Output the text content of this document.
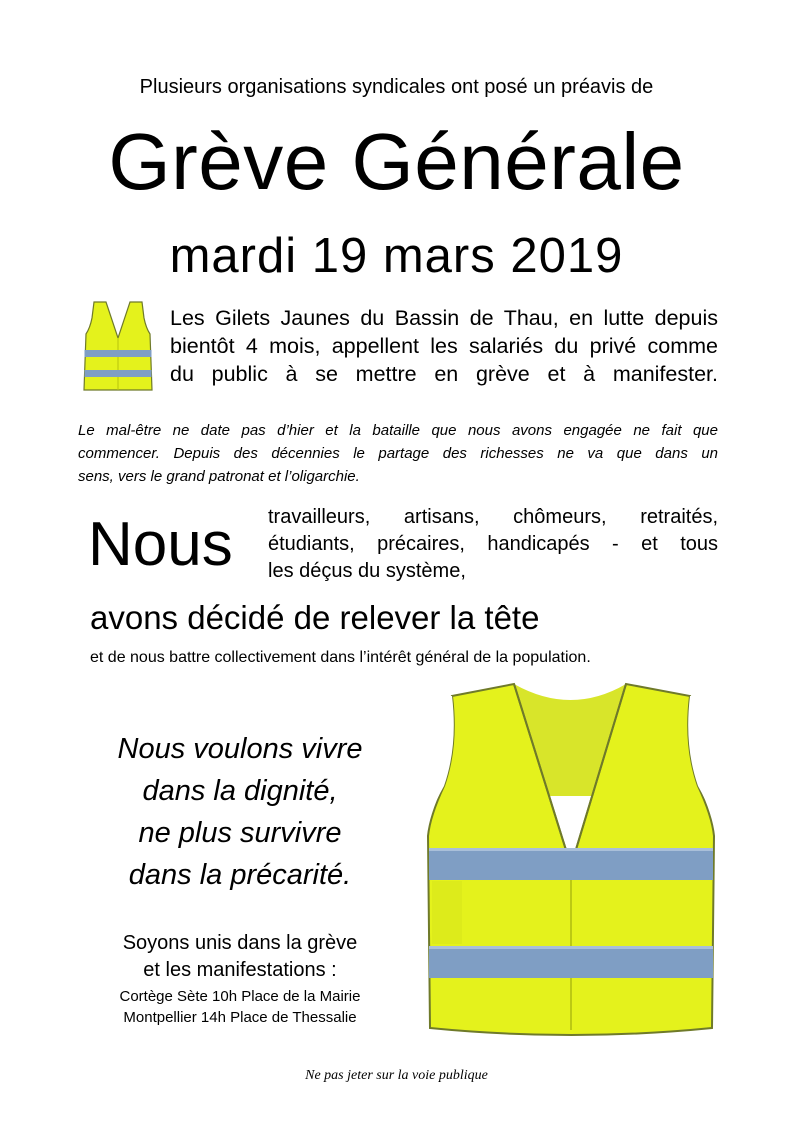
Plusieurs organisations syndicales ont posé un préavis de
Grève Générale
mardi 19 mars 2019
Les Gilets Jaunes du Bassin de Thau, en lutte depuis
bientôt 4 mois, appellent les salariés du privé comme
du public à se mettre en grève et à manifester.
Le mal-être ne date pas d’hier et la bataille que nous avons engagée ne fait que
commencer. Depuis des décennies le partage des richesses ne va que dans un
sens, vers le grand patronat et l’oligarchie.
Nous travailleurs, artisans, chômeurs, retraités,
étudiants, précaires, handicapés - et tous
les déçus du système,
avons décidé de relever la tête
et de nous battre collectivement dans l’intérêt général de la population.
Nous voulons vivre
dans la dignité,
ne plus survivre
dans la précarité.
Soyons unis dans la grève
et les manifestations :
Cortège Sète 10h Place de la Mairie
Montpellier 14h Place de Thessalie
Ne pas jeter sur la voie publique
